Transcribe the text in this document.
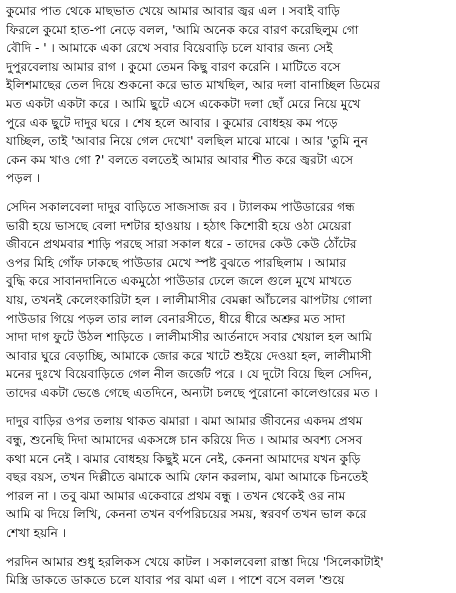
কুমোর পাত থেকে মাছভাত খেয়ে আমার আবার জ্বর এল । সবাই বাড়ি
ফিরলে কুমো হাত-পা নেড়ে বলল, 'আমি অনেক করে বারণ করেছিলুম গো
বৌদি - ' । আমাকে একা রেখে সবার বিয়েবাড়ি চলে যাবার জন্য সেই
দুপুরবেলায় আমার রাগ । কুমো তেমন কিছু বারণ করেনি । মাটিতে বসে
ইলিশমাছের তেল দিয়ে শুকনো করে ভাত মাখছিল, আর দলা বানাচ্ছিল ডিমের
মত একটা একটা করে । আমি ছুটে এসে একেকটা দলা ছোঁ মেরে নিয়ে মুখে
পুরে এক ছুটে দাদুর ঘরে । শেষ হলে আবার । কুমোর বোধহয় কম পড়ে
যাচ্ছিল, তাই 'আবার নিয়ে গেল দেখো' বলছিল মাঝে মাঝে । আর 'তুমি নুন
কেন কম খাও গো ?' বলতে বলতেই আমার আবার শীত করে জ্বরটা এসে
পড়ল ।
সেদিন সকালবেলা দাদুর বাড়িতে সাজসাজ রব । ট্যালকম পাউডারের গন্ধ
ভারী হয়ে ভাসছে বেলা দশটার হাওয়ায় । হঠাৎ কিশোরী হয়ে ওঠা মেয়েরা
জীবনে প্রথমবার শাড়ি পরছে সারা সকাল ধরে - তাদের কেউ কেউ ঠোঁটের
ওপর মিহি গোঁফ ঢাকছে পাউডার মেখে স্পষ্ট বুঝতে পারছিলাম । আমার
বুদ্ধি করে সাবানদানিতে একমুঠো পাউডার ঢেলে জলে গুলে মুখে মাখতে
যায়, তখনই কেলেংকারিটা হল । লালীমাসীর বেমক্কা আঁচলের ঝাপটায় গোলা
পাউডার গিয়ে পড়ল তার লাল বেনারসীতে, ধীরে ধীরে অশ্রুর মত সাদা
সাদা দাগ ফুটে উঠল শাড়িতে । লালীমাসীর আর্তনাদে সবার খেয়াল হল আমি
আবার ঘুরে বেড়াচ্ছি, আমাকে জোর করে খাটে শুইয়ে দেওয়া হল, লালীমাসী
মনের দুঃখে বিয়েবাড়িতে গেল নীল জর্জেট পরে । যে দুটো বিয়ে ছিল সেদিন,
তাদের একটা ভেঙে গেছে এতদিনে, অন্যটা চলছে পুরোনো কালেণ্ডারের মত ।
দাদুর বাড়ির ওপর তলায় থাকত ঝমারা । ঝমা আমার জীবনের একদম প্রথম
বন্ধু, শুনেছি দিদা আমাদের একসঙ্গে চান করিয়ে দিত । আমার অবশ্য সেসব
কথা মনে নেই । ঝমার বোধহয় কিছুই মনে নেই, কেননা আমাদের যখন কুড়ি
বছর বয়স, তখন দিল্লীতে ঝমাকে আমি ফোন করলাম, ঝমা আমাকে চিনতেই
পারল না । তবু ঝমা আমার একেবারে প্রথম বন্ধু । তখন থেকেই ওর নাম
আমি ঝ দিয়ে লিখি, কেননা তখন বর্ণপরিচয়ের সময়, স্বরবর্ণ তখন ভাল করে
শেখা হয়নি ।
পরদিন আমার শুধু হরলিকস খেয়ে কাটল । সকালবেলা রাস্তা দিয়ে 'সিলেকাটাই'
মিস্ত্রি ডাকতে ডাকতে চলে যাবার পর ঝমা এল । পাশে বসে বলল 'শুয়ে
